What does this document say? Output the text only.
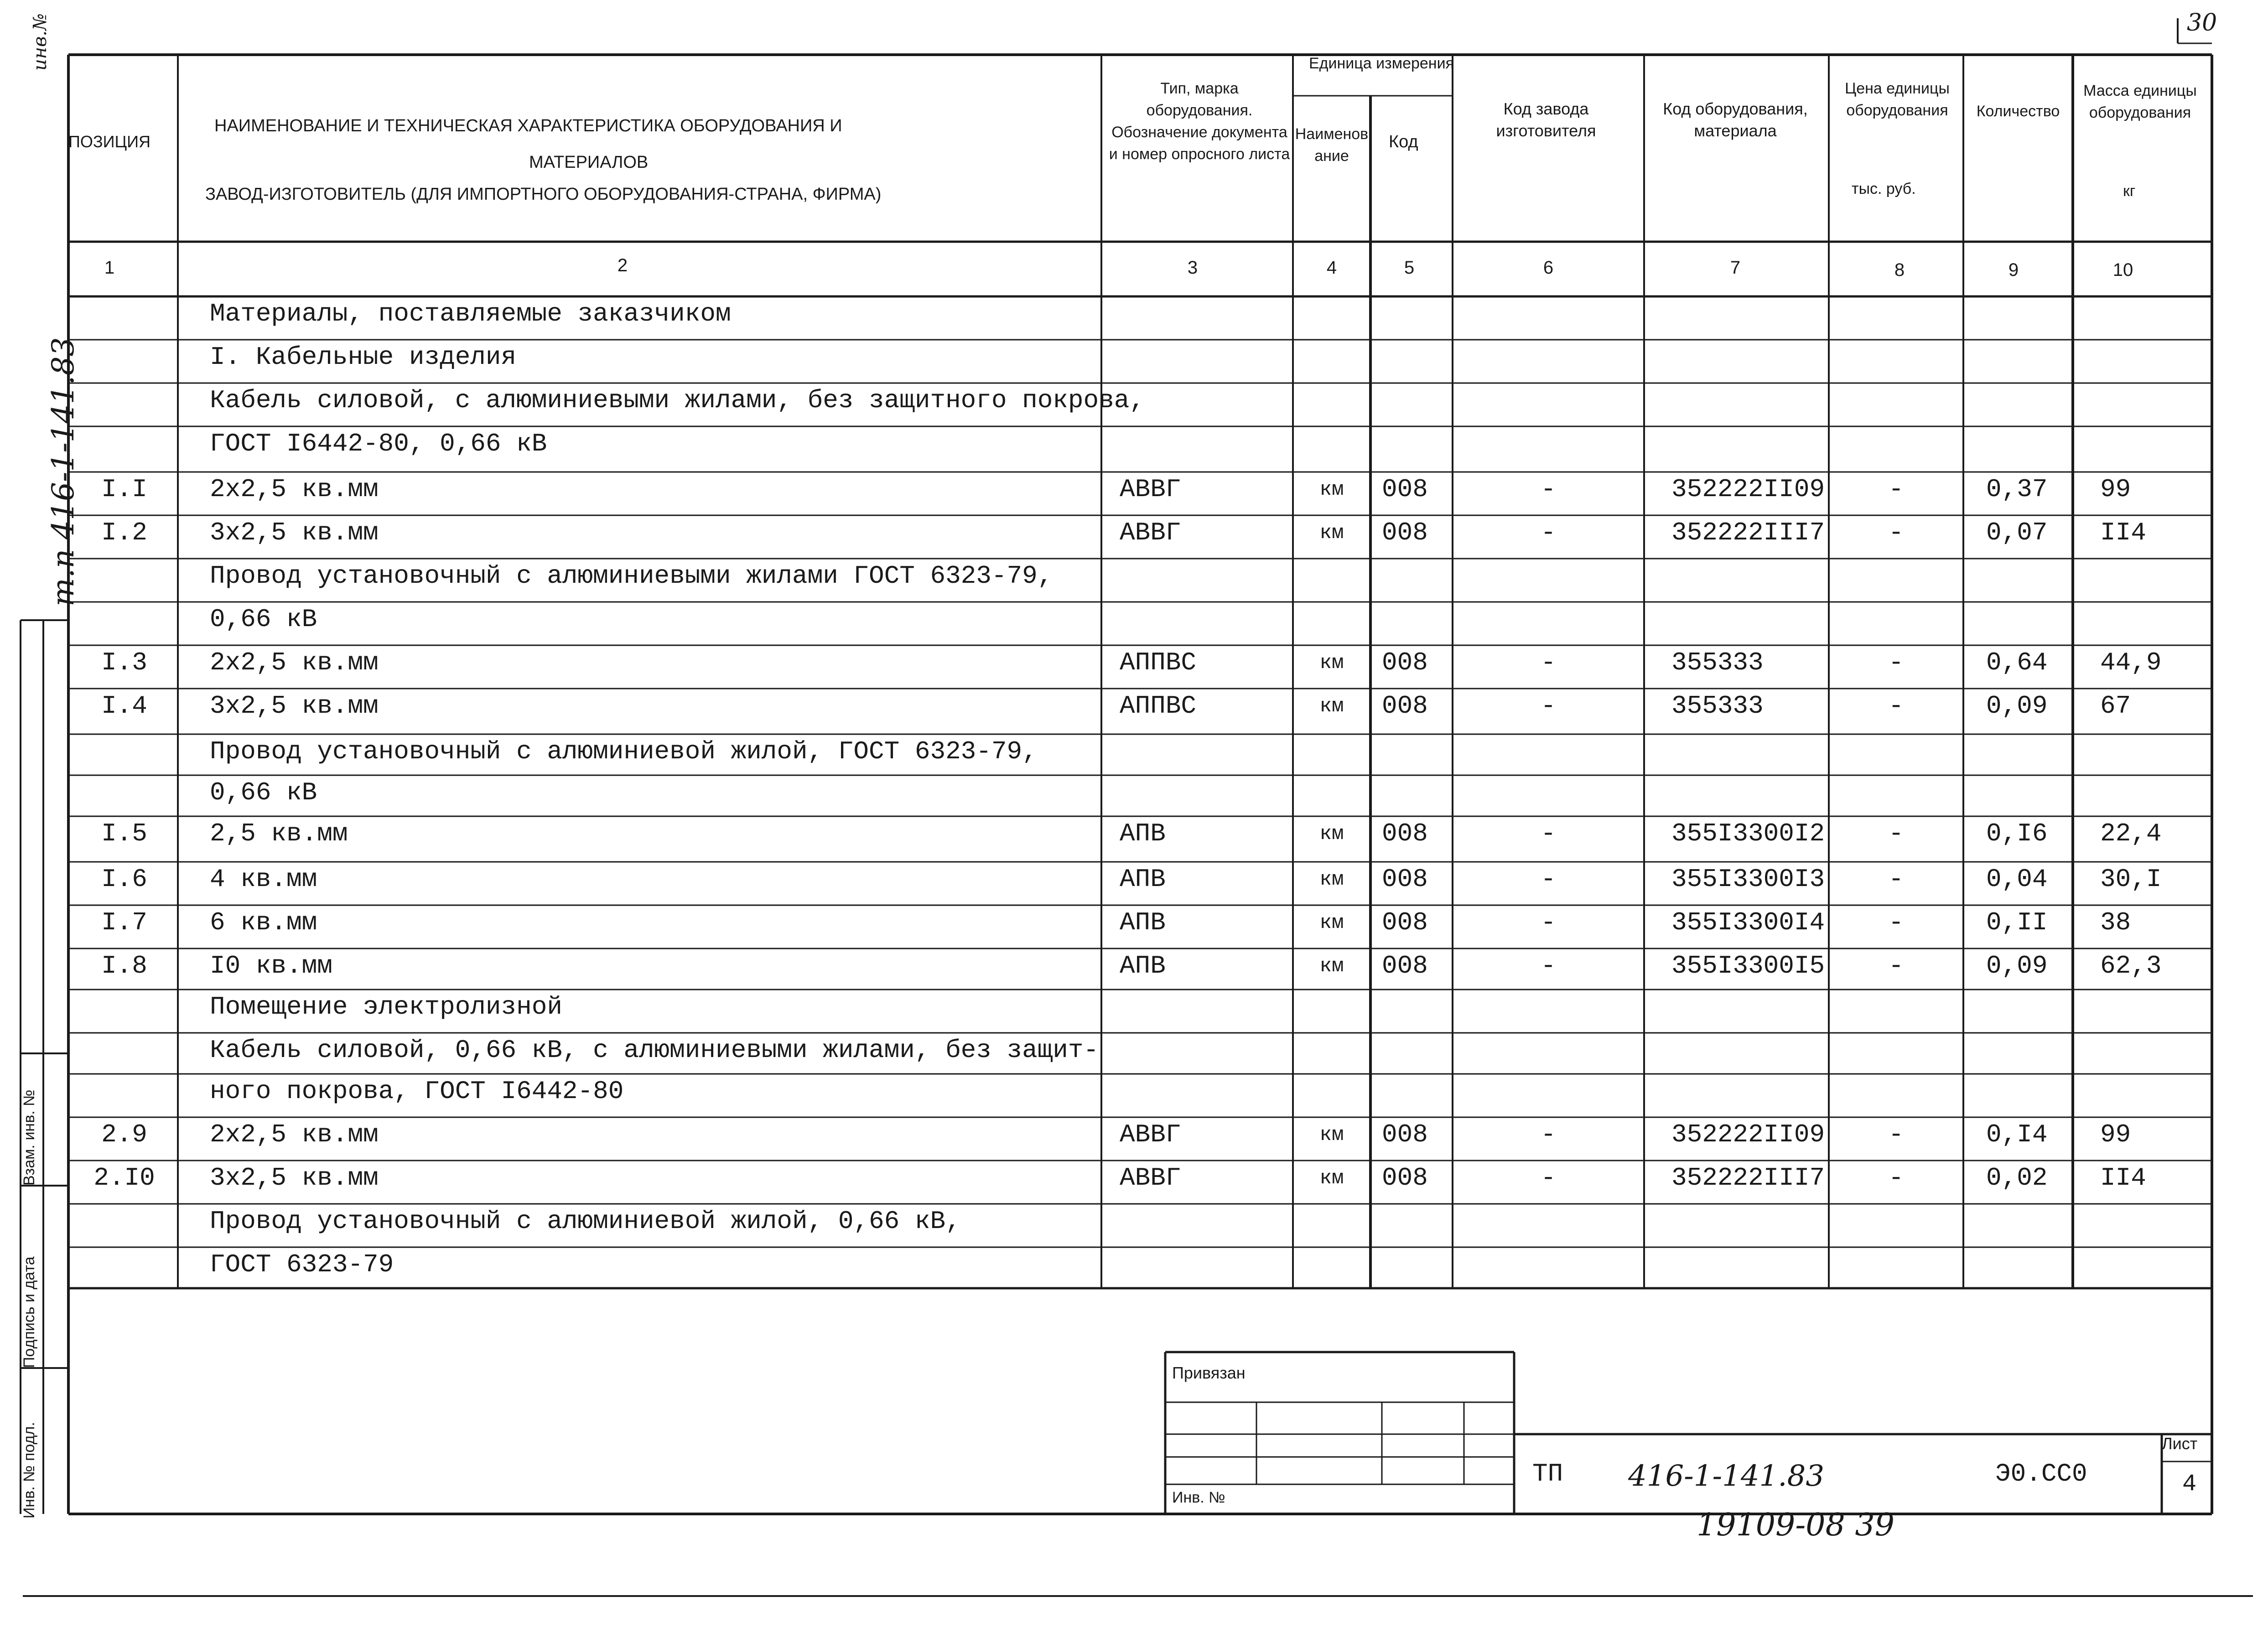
ПОЗИЦИЯ
НАИМЕНОВАНИЕ И ТЕХНИЧЕСКАЯ ХАРАКТЕРИСТИКА ОБОРУДОВАНИЯ И
МАТЕРИАЛОВ
ЗАВОД-ИЗГОТОВИТЕЛЬ (ДЛЯ ИМПОРТНОГО ОБОРУДОВАНИЯ-СТРАНА, ФИРМА)
Тип, марка оборудования. Обозначение документа и номер опросного листа
Единица измерения
Наименование
Код
Код завода изготовителя
Код оборудования, материала
Цена единицы оборудования
тыс. руб.
Количество
Масса единицы оборудования
кг
1	2	3	4	5	6	7	8	9	10
Материалы, поставляемые заказчиком
I. Кабельные изделия
Кабель силовой, с алюминиевыми жилами, без защитного покрова,
ГОСТ I6442-80, 0,66 кВ
I.I	2x2,5 кв.мм	АВВГ	км	008	-	352222II09	-	0,37	99
I.2	3x2,5 кв.мм	АВВГ	км	008	-	352222III7	-	0,07	II4
Провод установочный с алюминиевыми жилами ГОСТ 6323-79,
0,66 кВ
I.3	2x2,5 кв.мм	АППВС	км	008	-	355333	-	0,64	44,9
I.4	3x2,5 кв.мм	АППВС	км	008	-	355333	-	0,09	67
Провод установочный с алюминиевой жилой, ГОСТ 6323-79,
0,66 кВ
I.5	2,5 кв.мм	АПВ	км	008	-	355I3300I2	-	0,I6	22,4
I.6	4 кв.мм	АПВ	км	008	-	355I3300I3	-	0,04	30,I
I.7	6 кв.мм	АПВ	км	008	-	355I3300I4	-	0,II	38
I.8	I0 кв.мм	АПВ	км	008	-	355I3300I5	-	0,09	62,3
Помещение электролизной
Кабель силовой, 0,66 кВ, с алюминиевыми жилами, без защит-
ного покрова, ГОСТ I6442-80
2.9	2x2,5 кв.мм	АВВГ	км	008	-	352222II09	-	0,I4	99
2.I0	3x2,5 кв.мм	АВВГ	км	008	-	352222III7	-	0,02	II4
Провод установочный с алюминиевой жилой, 0,66 кВ,
ГОСТ 6323-79
Привязан
Инв. №
ТП 416-1-141.83	Э0.СС0
Лист
4
19109-08 39
30
т.п 416-1-141.83
инв.№
Инв. № подл.
Подпись и дата
Взам. инв. №
